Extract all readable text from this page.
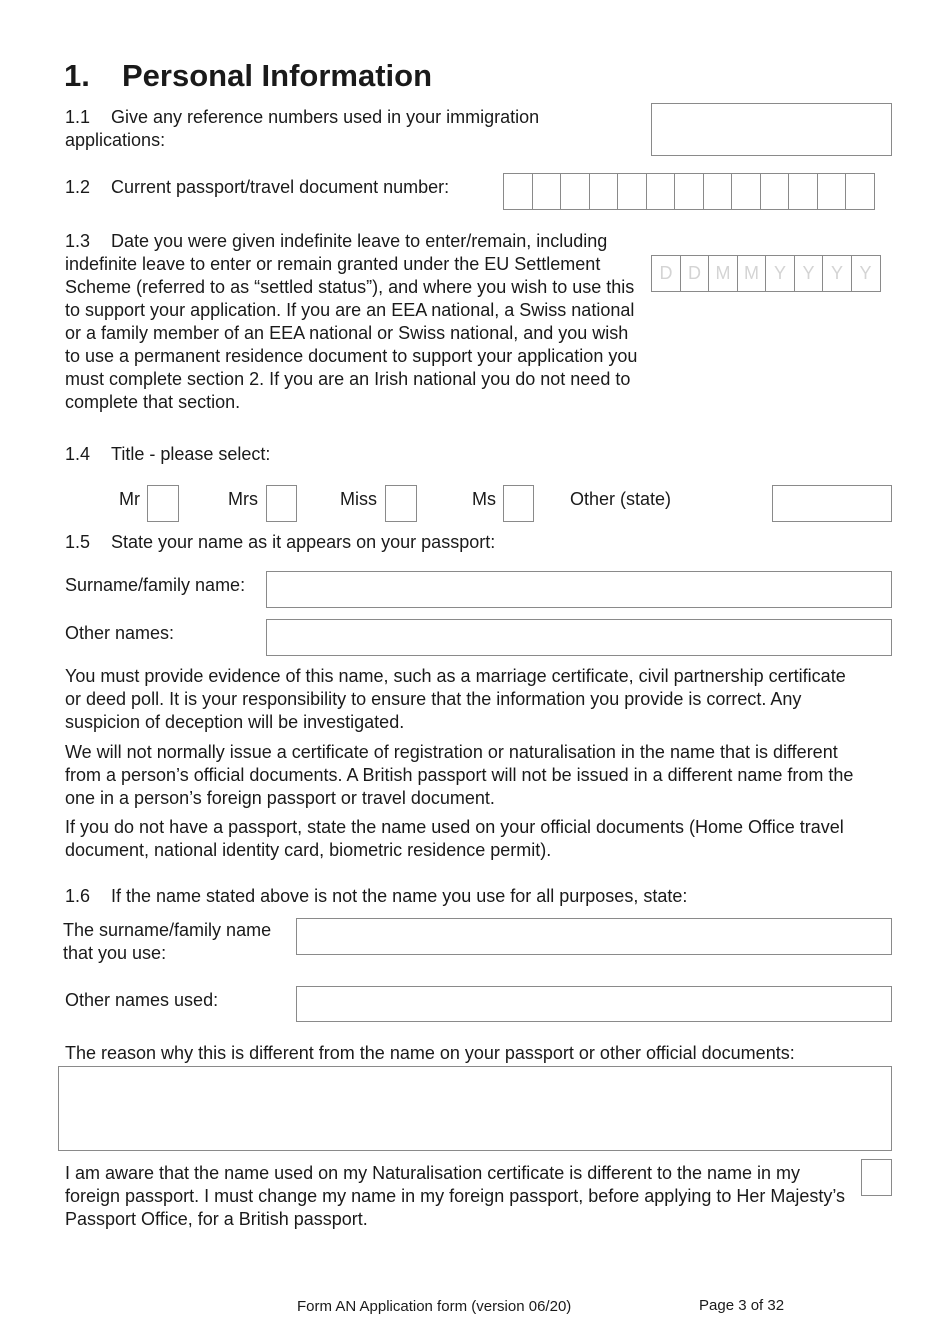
1. Personal Information
1.1 Give any reference numbers used in your immigration applications:
1.2 Current passport/travel document number:
1.3 Date you were given indefinite leave to enter/remain, including indefinite leave to enter or remain granted under the EU Settlement Scheme (referred to as “settled status”), and where you wish to use this to support your application. If you are an EEA national, a Swiss national or a family member of an EEA national or Swiss national, and you wish to use a permanent residence document to support your application you must complete section 2. If you are an Irish national you do not need to complete that section.
D D M M Y Y Y Y
1.4 Title - please select:
Mr	Mrs	Miss	Ms	Other (state)
1.5 State your name as it appears on your passport:
Surname/family name:
Other names:

You must provide evidence of this name, such as a marriage certificate, civil partnership certificate or deed poll. It is your responsibility to ensure that the information you provide is correct. Any suspicion of deception will be investigated.

We will not normally issue a certificate of registration or naturalisation in the name that is different from a person’s official documents. A British passport will not be issued in a different name from the one in a person’s foreign passport or travel document.

If you do not have a passport, state the name used on your official documents (Home Office travel document, national identity card, biometric residence permit).

1.6 If the name stated above is not the name you use for all purposes, state:
The surname/family name that you use:
Other names used:
The reason why this is different from the name on your passport or other official documents:

I am aware that the name used on my Naturalisation certificate is different to the name in my foreign passport. I must change my name in my foreign passport, before applying to Her Majesty’s Passport Office, for a British passport.

Form AN Application form (version 06/20)	Page 3 of 32
